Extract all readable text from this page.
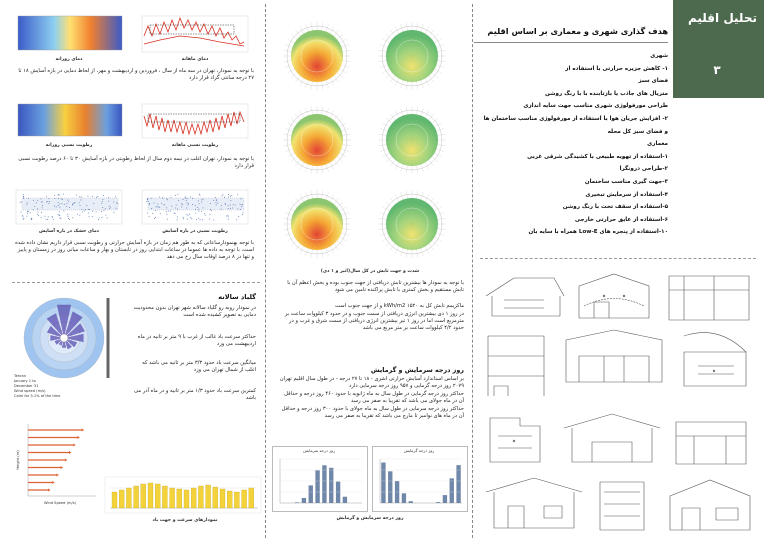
تحلیل اقلیم
۳
هدف گذاری شهری و معماری بر اساس اقلیم
شهری
۱- کاهش جزیره حرارتی با استفاده از
فضای سبز
متریال های جاذب یا بازتابنده با با رنگ روشن
طراحی مورفولوژی شهری مناسب جهت سایه اندازی
۲- افزایش جریان هوا با استفاده از مورفولوژی مناسب ساختمان ها
و فضای سبز کل محله
معماری
۱-استفاده از تهویه طبیعی با کشیدگی شرقی غربی
۲-طراحی درونگرا
۳-جهت گیری مناسب ساختمان
۴-استفاده از سرمایش تبخیری
۵-استفاده از سقف تخت با رنگ روشن
۶-استفاده از عایق حرارتی خارجی
۱۰-استفاده از پنجره های Low-E همراه با سایه بان
شدت و جهت تابش در کل سال(اثیر و ۱ دی)
با توجه به نمودار ها بیشترین تابش دریافتی از جهت جنوب بوده و بخش اعظم آن با تابش مستقیم و بخش کمتری با تابش پراکنده تامین می شود
ماکزیمم تابش کل به ۱۵۲۰ kWh/m2 و از جهت جنوب است
در روز ۱ دی بیشترین انرژی دریافتی از سمت جنوب و در حدود ۳ کیلووات ساعت بر مترمربع است اما در روز ۱ تیر بیشترین انرژی دریافتی از سمت شرق و غرب و در حدود ۴/۲ کیلووات ساعت بر متر مربع می باشد
روز درجه سرمایش و گرمایش
بر اساس استاندارد آسایش حرارتی اشری - ۱۸ تا ۲۷ درجه - در طول سال اقلیم تهران ۲۰۷۹ روز درجه گرمایی و ۹۵۷ روز درجه سرمایی دارد
حداکثر روز درجه گرمایی در طول سال به ماه ژانویه با حدود ۴۶۰ روز درجه و حداقل آن در ماه جولای می باشد که تقریبا به صفر می رسد
حداکثر روز درجه سرمایی در طول سال به ماه جولای با حدود ۳۰۰ روز درجه و حداقل آن در ماه های نوامبر تا مارچ می باشد که تقریبا به صفر می رسد
روز درجه سرمایش	روز درجه گرمایش
روز درجه سرمایش و گرمایش
دمای روزانه	دمای ماهانه
با توجه به نمودار، تهران در سه ماه از سال ، فروردین و اردیبهشت و مهر، از لحاظ دمایی در بازه آسایش ۱۸ تا ۲۷ درجه سانتی گراد قرار دارد
رطوبت نسبی روزانه	رطوبت نسبی ماهانه
با توجه به نمودار، تهران اغلب در نیمه دوم سال از لحاظ رطوبتی در بازه آسایش ۳۰ تا ۶۰ درصد رطوبت نسبی قرار دارد
دمای خشک در بازه آسایش	رطوبت نسبی در بازه آسایش
با توجه بهنمودارساعاتی که به طور هم زمان در بازه آسایش حرارتی و رطوبت نسبی قرار داریم نشان داده شده است، با توجه به داده ها عموما در ساعات ابتدایی روز در تابستان و بهار و ساعات میانی روز در زمستان و پاییز و تنها در ۸ درصد اوقات سال رخ می دهد
Tehran
January 1 to
December 31
Wind speed (m/s)
Calm for 3.1% of the time
گلباد سالانه
در نمودار روبه رو گلباد سالانه شهر تهران بدون محدودیت دمایی به تصویر کشیده شده است
حداکثر سرعت باد غالب از غرب با ۹ متر بر ثانیه در ماه اردیبهشت می وزد
میانگین سرعت باد حدود ۳/۳ متر بر ثانیه می باشد که اغلب از شمال تهران می وزد
کمترین سرعت باد حدود ۱/۳ متر بر ثانیه و در ماه آذر می باشد
Wind Speed (m/s)
Height (m)
نمودارهای سرعت و جهت باد
